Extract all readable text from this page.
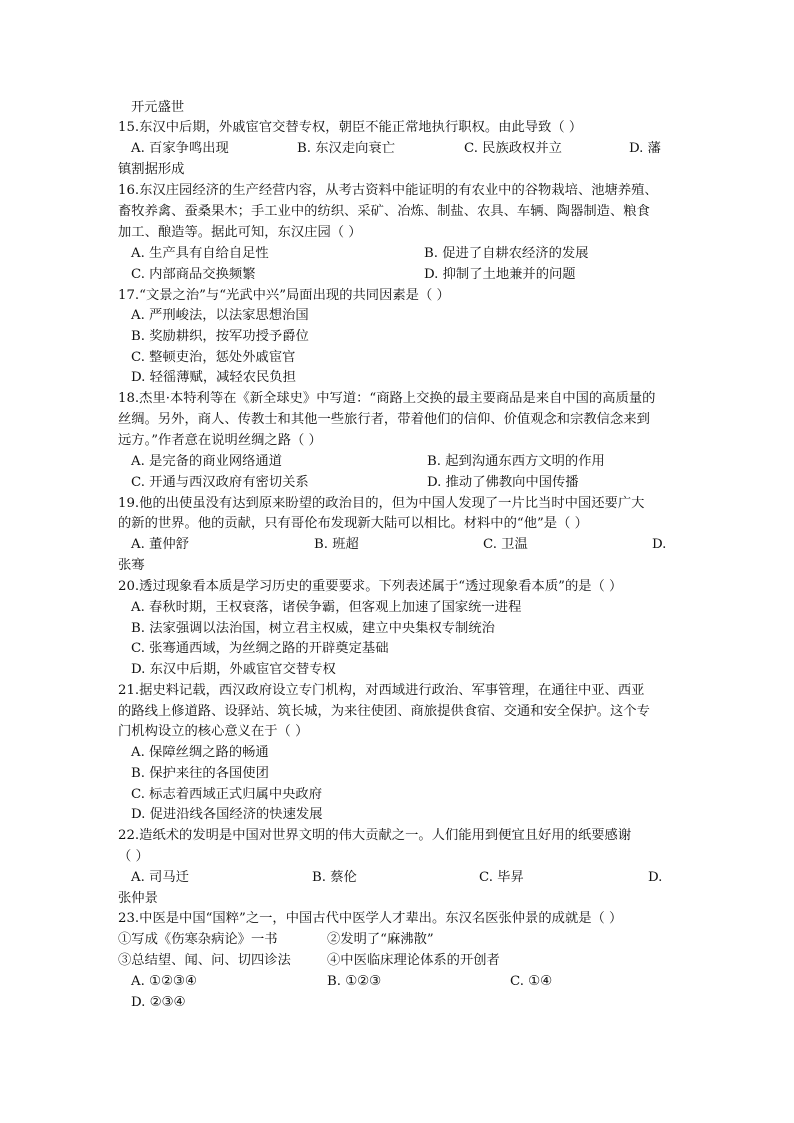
开元盛世
15.东汉中后期，外戚宦官交替专权，朝臣不能正常地执行职权。由此导致（ ）
16.东汉庄园经济的生产经营内容，从考古资料中能证明的有农业中的谷物栽培、池塘养殖、
畜牧养禽、蚕桑果木；手工业中的纺织、采矿、冶炼、制盐、农具、车辆、陶器制造、粮食
加工、酿造等。据此可知，东汉庄园（ ）
17.“文景之治”与“光武中兴”局面出现的共同因素是（ ）
18.杰里·本特利等在《新全球史》中写道：“商路上交换的最主要商品是来自中国的高质量的
丝绸。另外，商人、传教士和其他一些旅行者，带着他们的信仰、价值观念和宗教信念来到
远方。”作者意在说明丝绸之路（ ）
19.他的出使虽没有达到原来盼望的政治目的，但为中国人发现了一片比当时中国还要广大
的新的世界。他的贡献，只有哥伦布发现新大陆可以相比。材料中的“他”是（ ）
20.透过现象看本质是学习历史的重要要求。下列表述属于“透过现象看本质”的是（ ）
21.据史料记载，西汉政府设立专门机构，对西域进行政治、军事管理，在通往中亚、西亚
的路线上修道路、设驿站、筑长城，为来往使团、商旅提供食宿、交通和安全保护。这个专
门机构设立的核心意义在于（ ）
22.造纸术的发明是中国对世界文明的伟大贡献之一。人们能用到便宜且好用的纸要感谢
（ ）
23.中医是中国“国粹”之一，中国古代中医学人才辈出。东汉名医张仲景的成就是（ ）
①写成《伤寒杂病论》一书	②发明了“麻沸散”
③总结望、闻、问、切四诊法	④中医临床理论体系的开创者
A. 百家争鸣出现	B. 东汉走向衰亡	C. 民族政权并立	D. 藩
镇割据形成
A. 生产具有自给自足性	B. 促进了自耕农经济的发展
C. 内部商品交换频繁	D. 抑制了土地兼并的问题
A. 严刑峻法，以法家思想治国
B. 奖励耕织，按军功授予爵位
C. 整顿吏治，惩处外戚宦官
D. 轻徭薄赋，减轻农民负担
A. 是完备的商业网络通道	B. 起到沟通东西方文明的作用
C. 开通与西汉政府有密切关系	D. 推动了佛教向中国传播
A. 董仲舒	B. 班超	C. 卫温	D.
张骞
A. 春秋时期，王权衰落，诸侯争霸，但客观上加速了国家统一进程
B. 法家强调以法治国，树立君主权威，建立中央集权专制统治
C. 张骞通西域，为丝绸之路的开辟奠定基础
D. 东汉中后期，外戚宦官交替专权
A. 保障丝绸之路的畅通
B. 保护来往的各国使团
C. 标志着西域正式归属中央政府
D. 促进沿线各国经济的快速发展
A. 司马迁	B. 蔡伦	C. 毕昇	D.
张仲景
A. ①②③④	B. ①②③	C. ①④
D. ②③④
